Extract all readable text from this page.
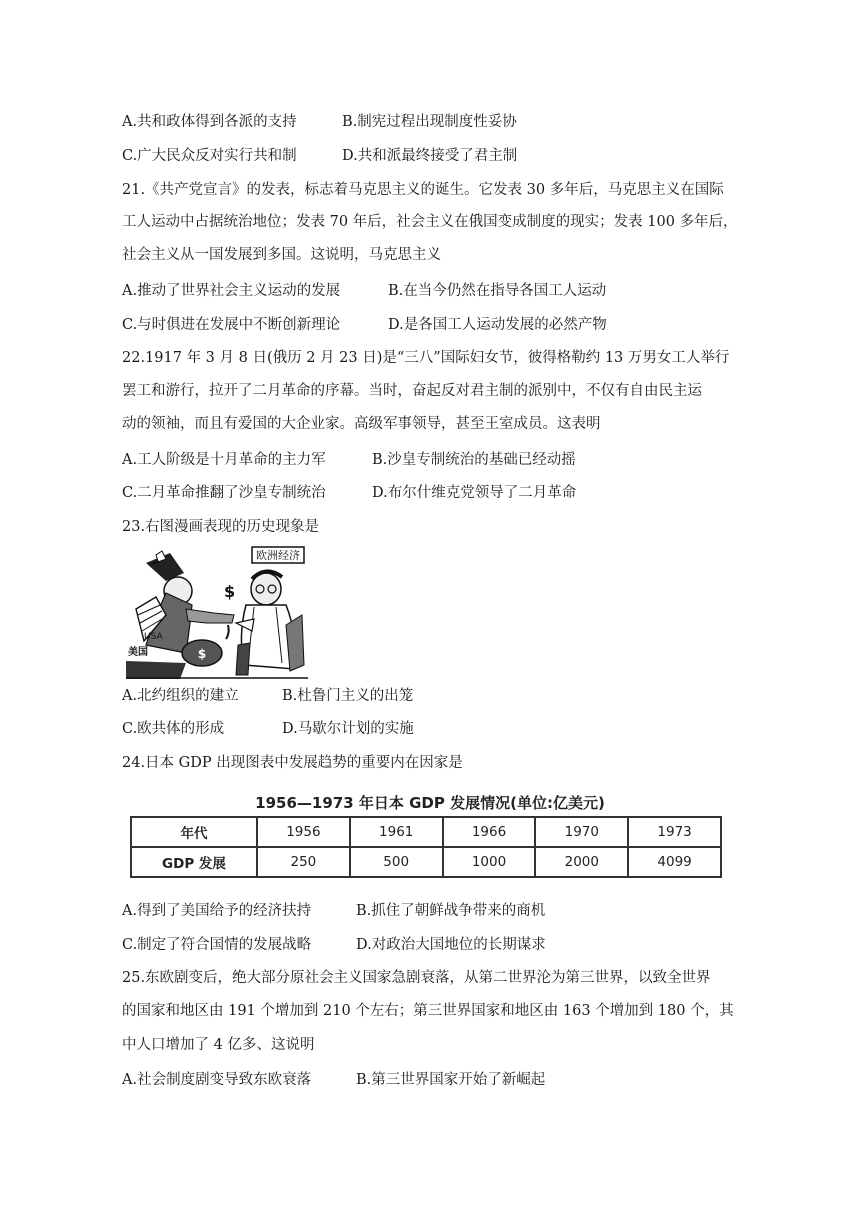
A.共和政体得到各派的支持	B.制宪过程出现制度性妥协
C.广大民众反对实行共和制	D.共和派最终接受了君主制
21.《共产党宣言》的发表，标志着马克思主义的诞生。它发表 30 多年后，马克思主义在国际
工人运动中占据统治地位；发表 70 年后，社会主义在俄国变成制度的现实；发表 100 多年后，
社会主义从一国发展到多国。这说明，马克思主义
A.推动了世界社会主义运动的发展	B.在当今仍然在指导各国工人运动
C.与时俱进在发展中不断创新理论	D.是各国工人运动发展的必然产物
22.1917 年 3 月 8 日(俄历 2 月 23 日)是“三八”国际妇女节，彼得格勒约 13 万男女工人举行
罢工和游行，拉开了二月革命的序幕。当时，奋起反对君主制的派别中，不仅有自由民主运
动的领袖，而且有爱国的大企业家。高级军事领导，甚至王室成员。这表明
A.工人阶级是十月革命的主力军	B.沙皇专制统治的基础已经动摇
C.二月革命推翻了沙皇专制统治	D.布尔什维克党领导了二月革命
23.右图漫画表现的历史现象是
欧洲经济
USA
$
$
美国
A.北约组织的建立	B.杜鲁门主义的出笼
C.欧共体的形成	D.马歇尔计划的实施
24.日本 GDP 出现图表中发展趋势的重要内在因家是
1956—1973 年日本 GDP 发展情况(单位:亿美元)
年代	1956	1961	1966	1970	1973
GDP 发展	250	500	1000	2000	4099
A.得到了美国给予的经济扶持	B.抓住了朝鲜战争带来的商机
C.制定了符合国情的发展战略	D.对政治大国地位的长期谋求
25.东欧剧变后，绝大部分原社会主义国家急剧衰落，从第二世界沦为第三世界，以致全世界
的国家和地区由 191 个增加到 210 个左右；第三世界国家和地区由 163 个增加到 180 个，其
中人口增加了 4 亿多、这说明
A.社会制度剧变导致东欧衰落	B.第三世界国家开始了新崛起
